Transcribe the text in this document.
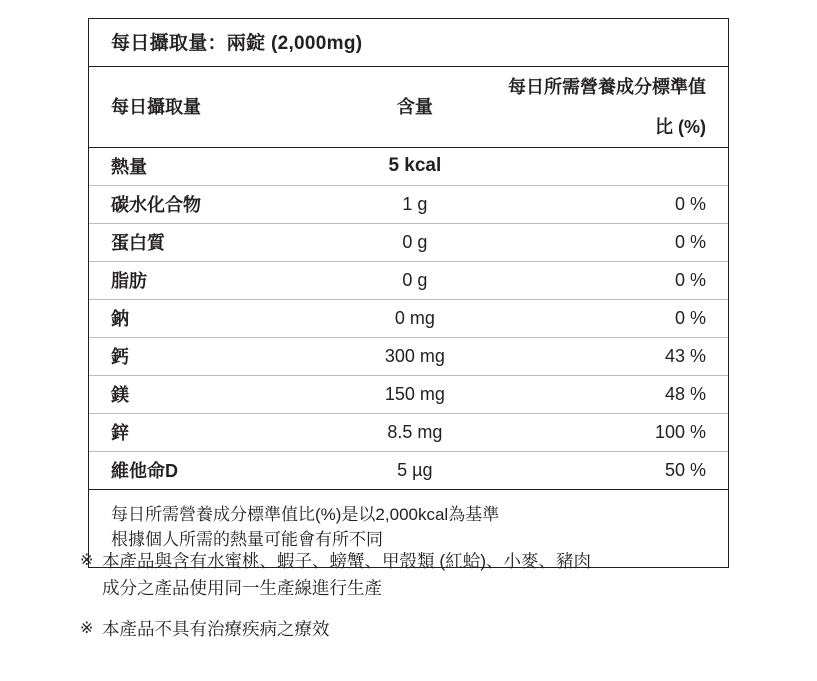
每日攝取量：兩錠 (2,000mg)
每日攝取量	含量	每日所需營養成分標準值比 (%)
熱量	5 kcal	
碳水化合物	1 g	0 %
蛋白質	0 g	0 %
脂肪	0 g	0 %
鈉	0 mg	0 %
鈣	300 mg	43 %
鎂	150 mg	48 %
鋅	8.5 mg	100 %
維他命D	5 µg	50 %
每日所需營養成分標準值比(%)是以2,000kcal為基準
根據個人所需的熱量可能會有所不同
※ 本產品與含有水蜜桃、蝦子、螃蟹、甲殼類 (紅蛤)、小麥、豬肉
成分之產品使用同一生產線進行生產
※ 本產品不具有治療疾病之療效
